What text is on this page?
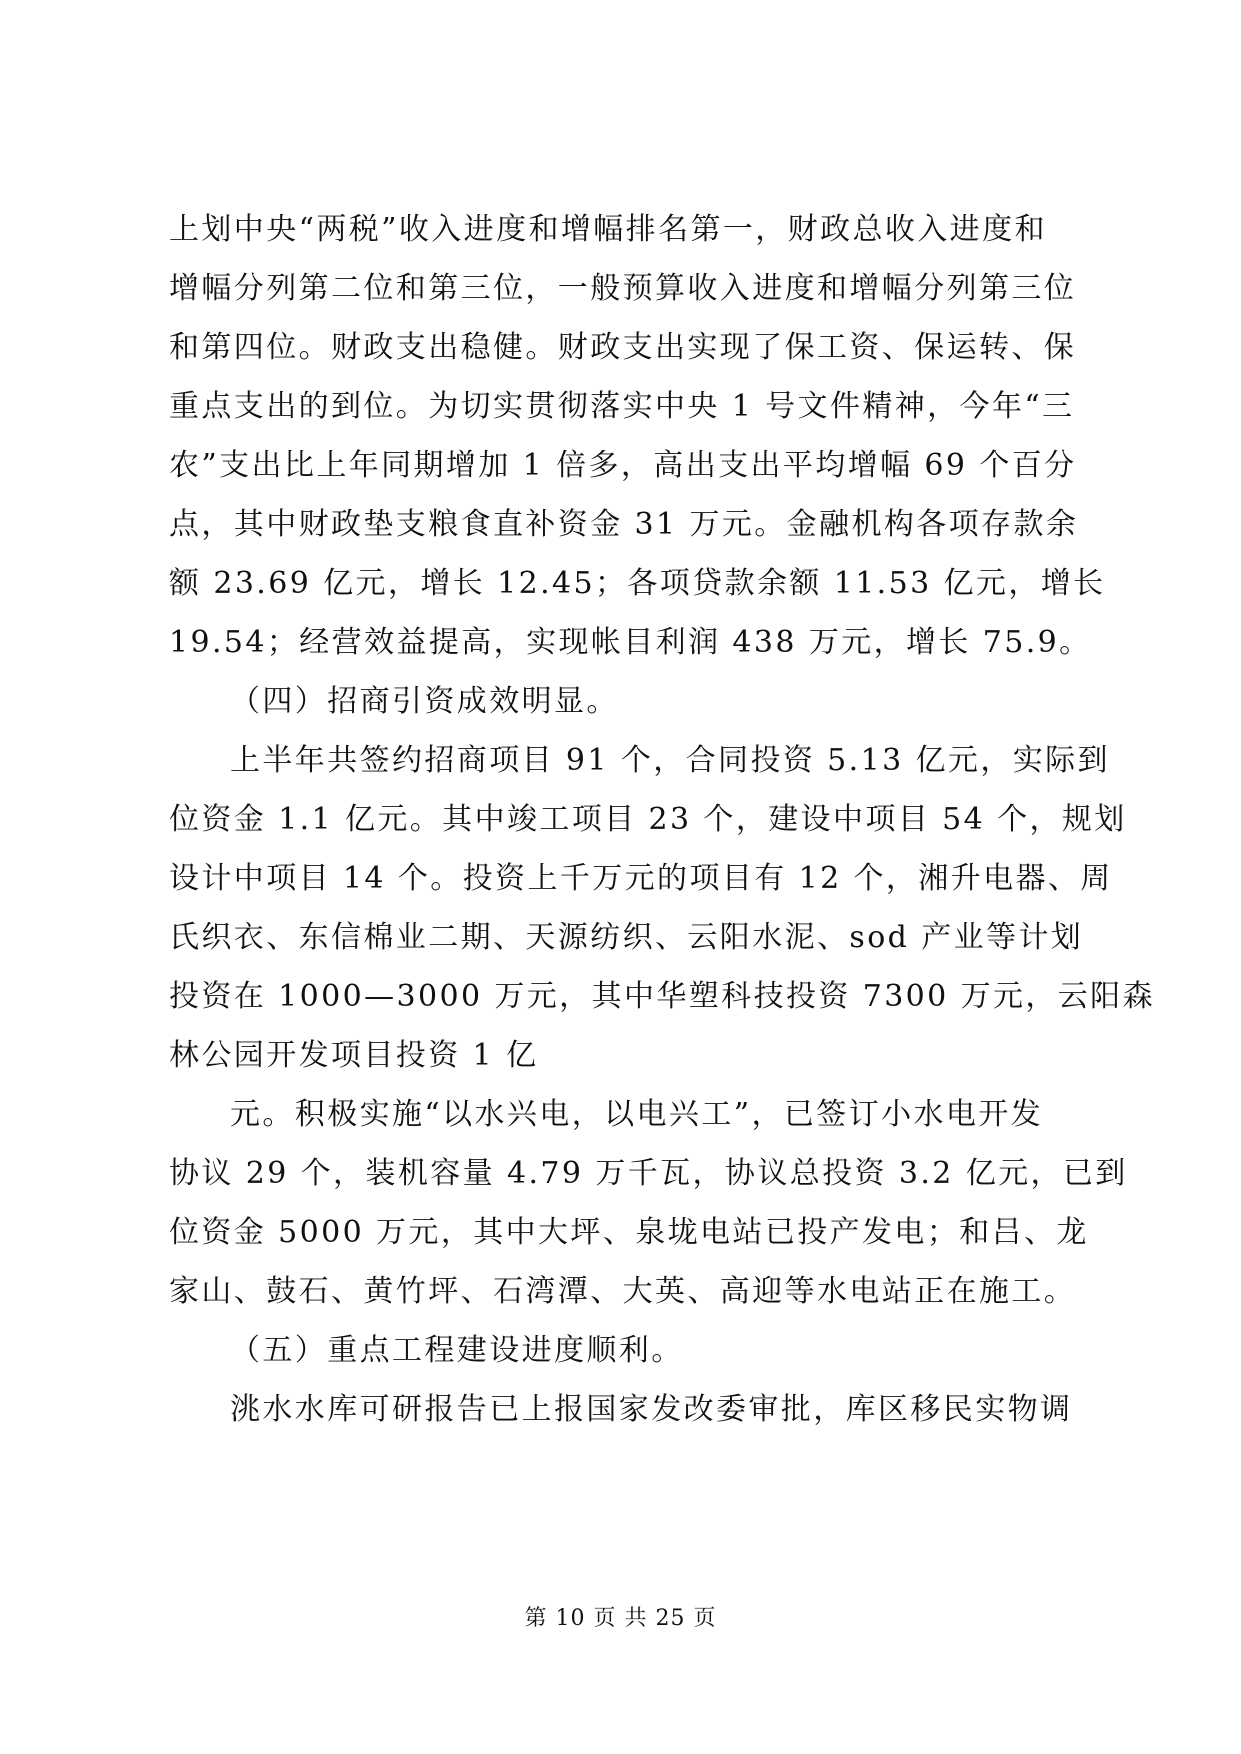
上划中央“两税”收入进度和增幅排名第一，财政总收入进度和
增幅分列第二位和第三位，一般预算收入进度和增幅分列第三位
和第四位。财政支出稳健。财政支出实现了保工资、保运转、保
重点支出的到位。为切实贯彻落实中央 1 号文件精神，今年“三
农”支出比上年同期增加 1 倍多，高出支出平均增幅 69 个百分
点，其中财政垫支粮食直补资金 31 万元。金融机构各项存款余
额 23.69 亿元，增长 12.45；各项贷款余额 11.53 亿元，增长
19.54；经营效益提高，实现帐目利润 438 万元，增长 75.9。
（四）招商引资成效明显。
上半年共签约招商项目 91 个，合同投资 5.13 亿元，实际到
位资金 1.1 亿元。其中竣工项目 23 个，建设中项目 54 个，规划
设计中项目 14 个。投资上千万元的项目有 12 个，湘升电器、周
氏织衣、东信棉业二期、天源纺织、云阳水泥、sod 产业等计划
投资在 1000—3000 万元，其中华塑科技投资 7300 万元，云阳森
林公园开发项目投资 1 亿
元。积极实施“以水兴电，以电兴工”，已签订小水电开发
协议 29 个，装机容量 4.79 万千瓦，协议总投资 3.2 亿元，已到
位资金 5000 万元，其中大坪、泉垅电站已投产发电；和吕、龙
家山、鼓石、黄竹坪、石湾潭、大英、高迎等水电站正在施工。
（五）重点工程建设进度顺利。
洮水水库可研报告已上报国家发改委审批，库区移民实物调
第 10 页 共 25 页
